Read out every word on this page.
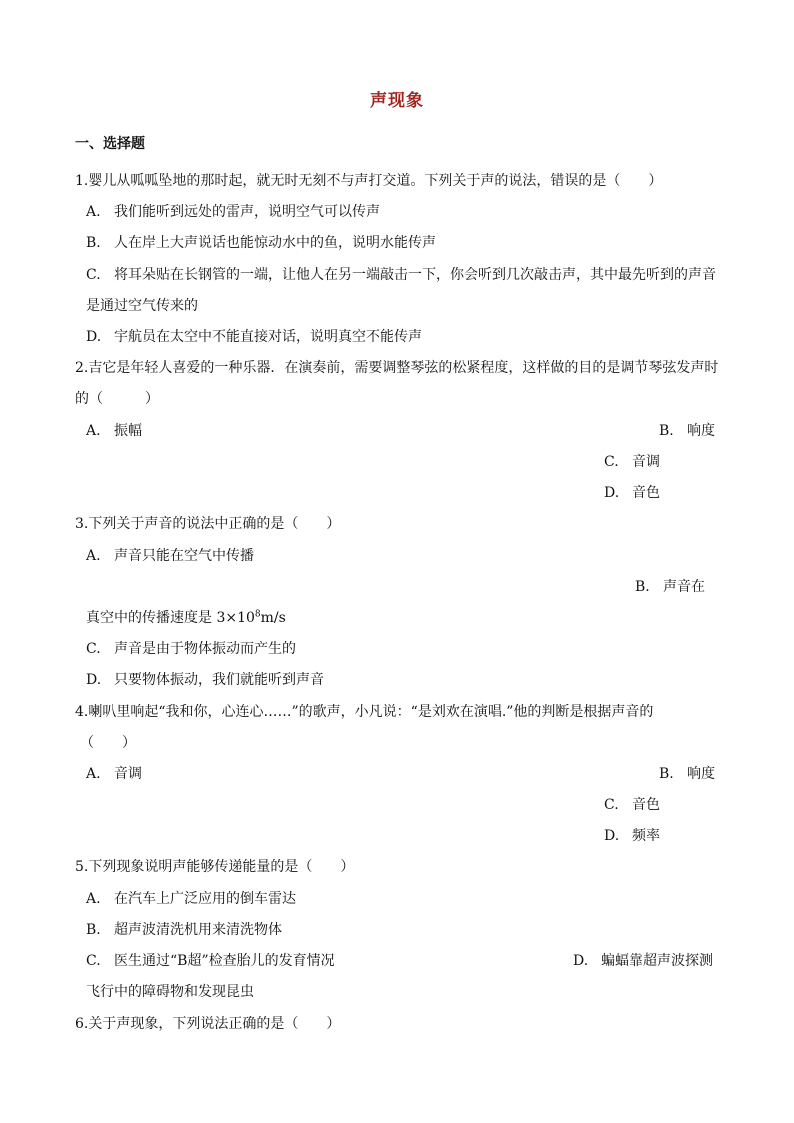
声现象
一、选择题
1.婴儿从呱呱坠地的那时起，就无时无刻不与声打交道。下列关于声的说法，错误的是（　　）
A. 我们能听到远处的雷声，说明空气可以传声
B. 人在岸上大声说话也能惊动水中的鱼，说明水能传声
C. 将耳朵贴在长钢管的一端，让他人在另一端敲击一下，你会听到几次敲击声，其中最先听到的声音
是通过空气传来的
D. 宇航员在太空中不能直接对话，说明真空不能传声
2.吉它是年轻人喜爱的一种乐器．在演奏前，需要调整琴弦的松紧程度，这样做的目的是调节琴弦发声时
的（　　　）
A. 振幅	B. 响度
C. 音调
D. 音色
3.下列关于声音的说法中正确的是（　　）
A. 声音只能在空气中传播
B. 声音在
真空中的传播速度是 $3\times 10^8m/s$
C. 声音是由于物体振动而产生的
D. 只要物体振动，我们就能听到声音
4.喇叭里响起“我和你，心连心……”的歌声，小凡说：“是刘欢在演唱.”他的判断是根据声音的
（　　）
A. 音调	B. 响度
C. 音色
D. 频率
5.下列现象说明声能够传递能量的是（　　）
A. 在汽车上广泛应用的倒车雷达
B. 超声波清洗机用来清洗物体
C. 医生通过“B超”检查胎儿的发育情况	D. 蝙蝠靠超声波探测
飞行中的障碍物和发现昆虫
6.关于声现象，下列说法正确的是（　　）
